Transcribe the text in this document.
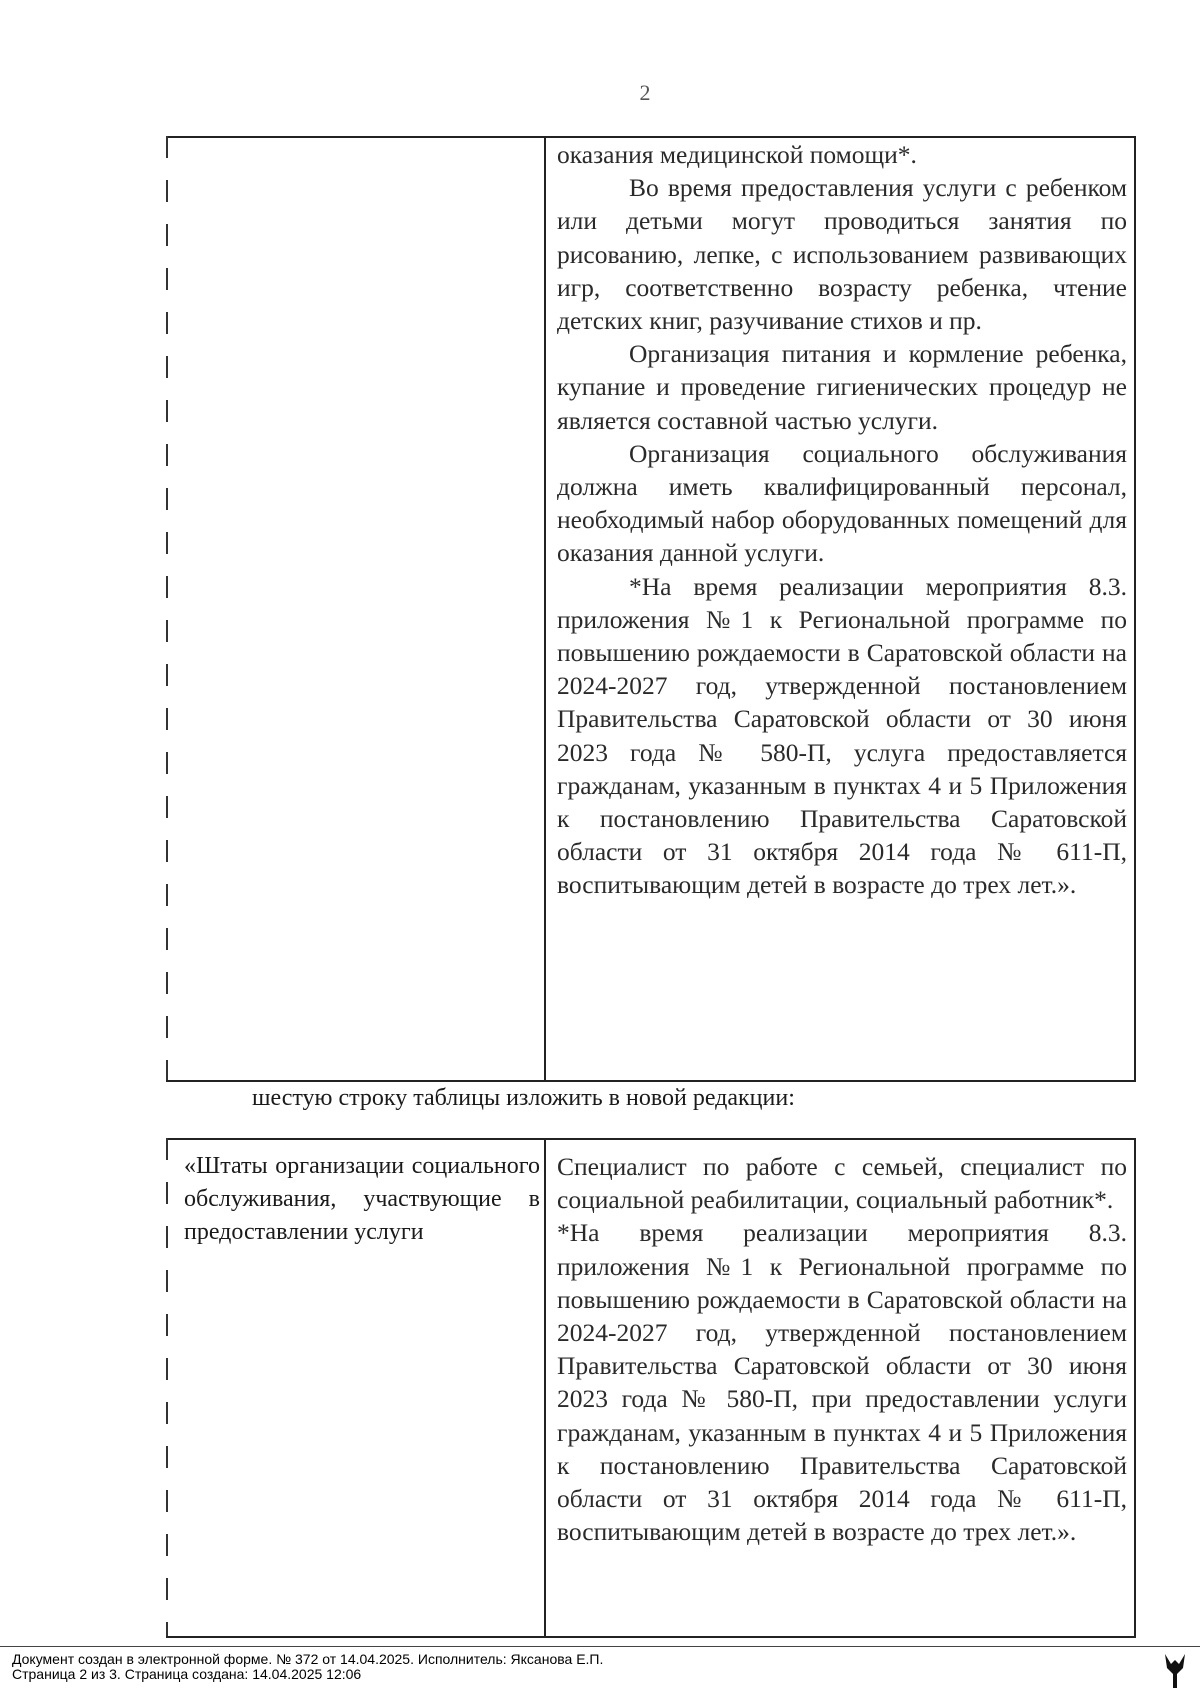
2

оказания медицинской помощи*.

Во время предоставления услуги с ребенком или детьми могут проводиться занятия по рисованию, лепке, с использованием развивающих игр, соответственно возрасту ребенка, чтение детских книг, разучивание стихов и пр.

Организация питания и кормление ребенка, купание и проведение гигиенических процедур не является составной частью услуги.

Организация социального обслуживания должна иметь квалифицированный персонал, необходимый набор оборудованных помещений для оказания данной услуги.

*На время реализации мероприятия 8.3. приложения №1 к Региональной программе по повышению рождаемости в Саратовской области на 2024-2027 год, утвержденной постановлением Правительства Саратовской области от 30 июня 2023 года № 580-П, услуга предоставляется гражданам, указанным в пунктах 4 и 5 Приложения к постановлению Правительства Саратовской области от 31 октября 2014 года № 611-П, воспитывающим детей в возрасте до трех лет.».

шестую строку таблицы изложить в новой редакции:

«Штаты организации социального обслуживания, участвующие в предоставлении услуги

Специалист по работе с семьей, специалист по социальной реабилитации, социальный работник*.

*На время реализации мероприятия 8.3. приложения №1 к Региональной программе по повышению рождаемости в Саратовской области на 2024-2027 год, утвержденной постановлением Правительства Саратовской области от 30 июня 2023 года № 580-П, при предоставлении услуги гражданам, указанным в пунктах 4 и 5 Приложения к постановлению Правительства Саратовской области от 31 октября 2014 года № 611-П, воспитывающим детей в возрасте до трех лет.».

Документ создан в электронной форме. № 372 от 14.04.2025. Исполнитель: Яксанова Е.П.
Страница 2 из 3. Страница создана: 14.04.2025 12:06
